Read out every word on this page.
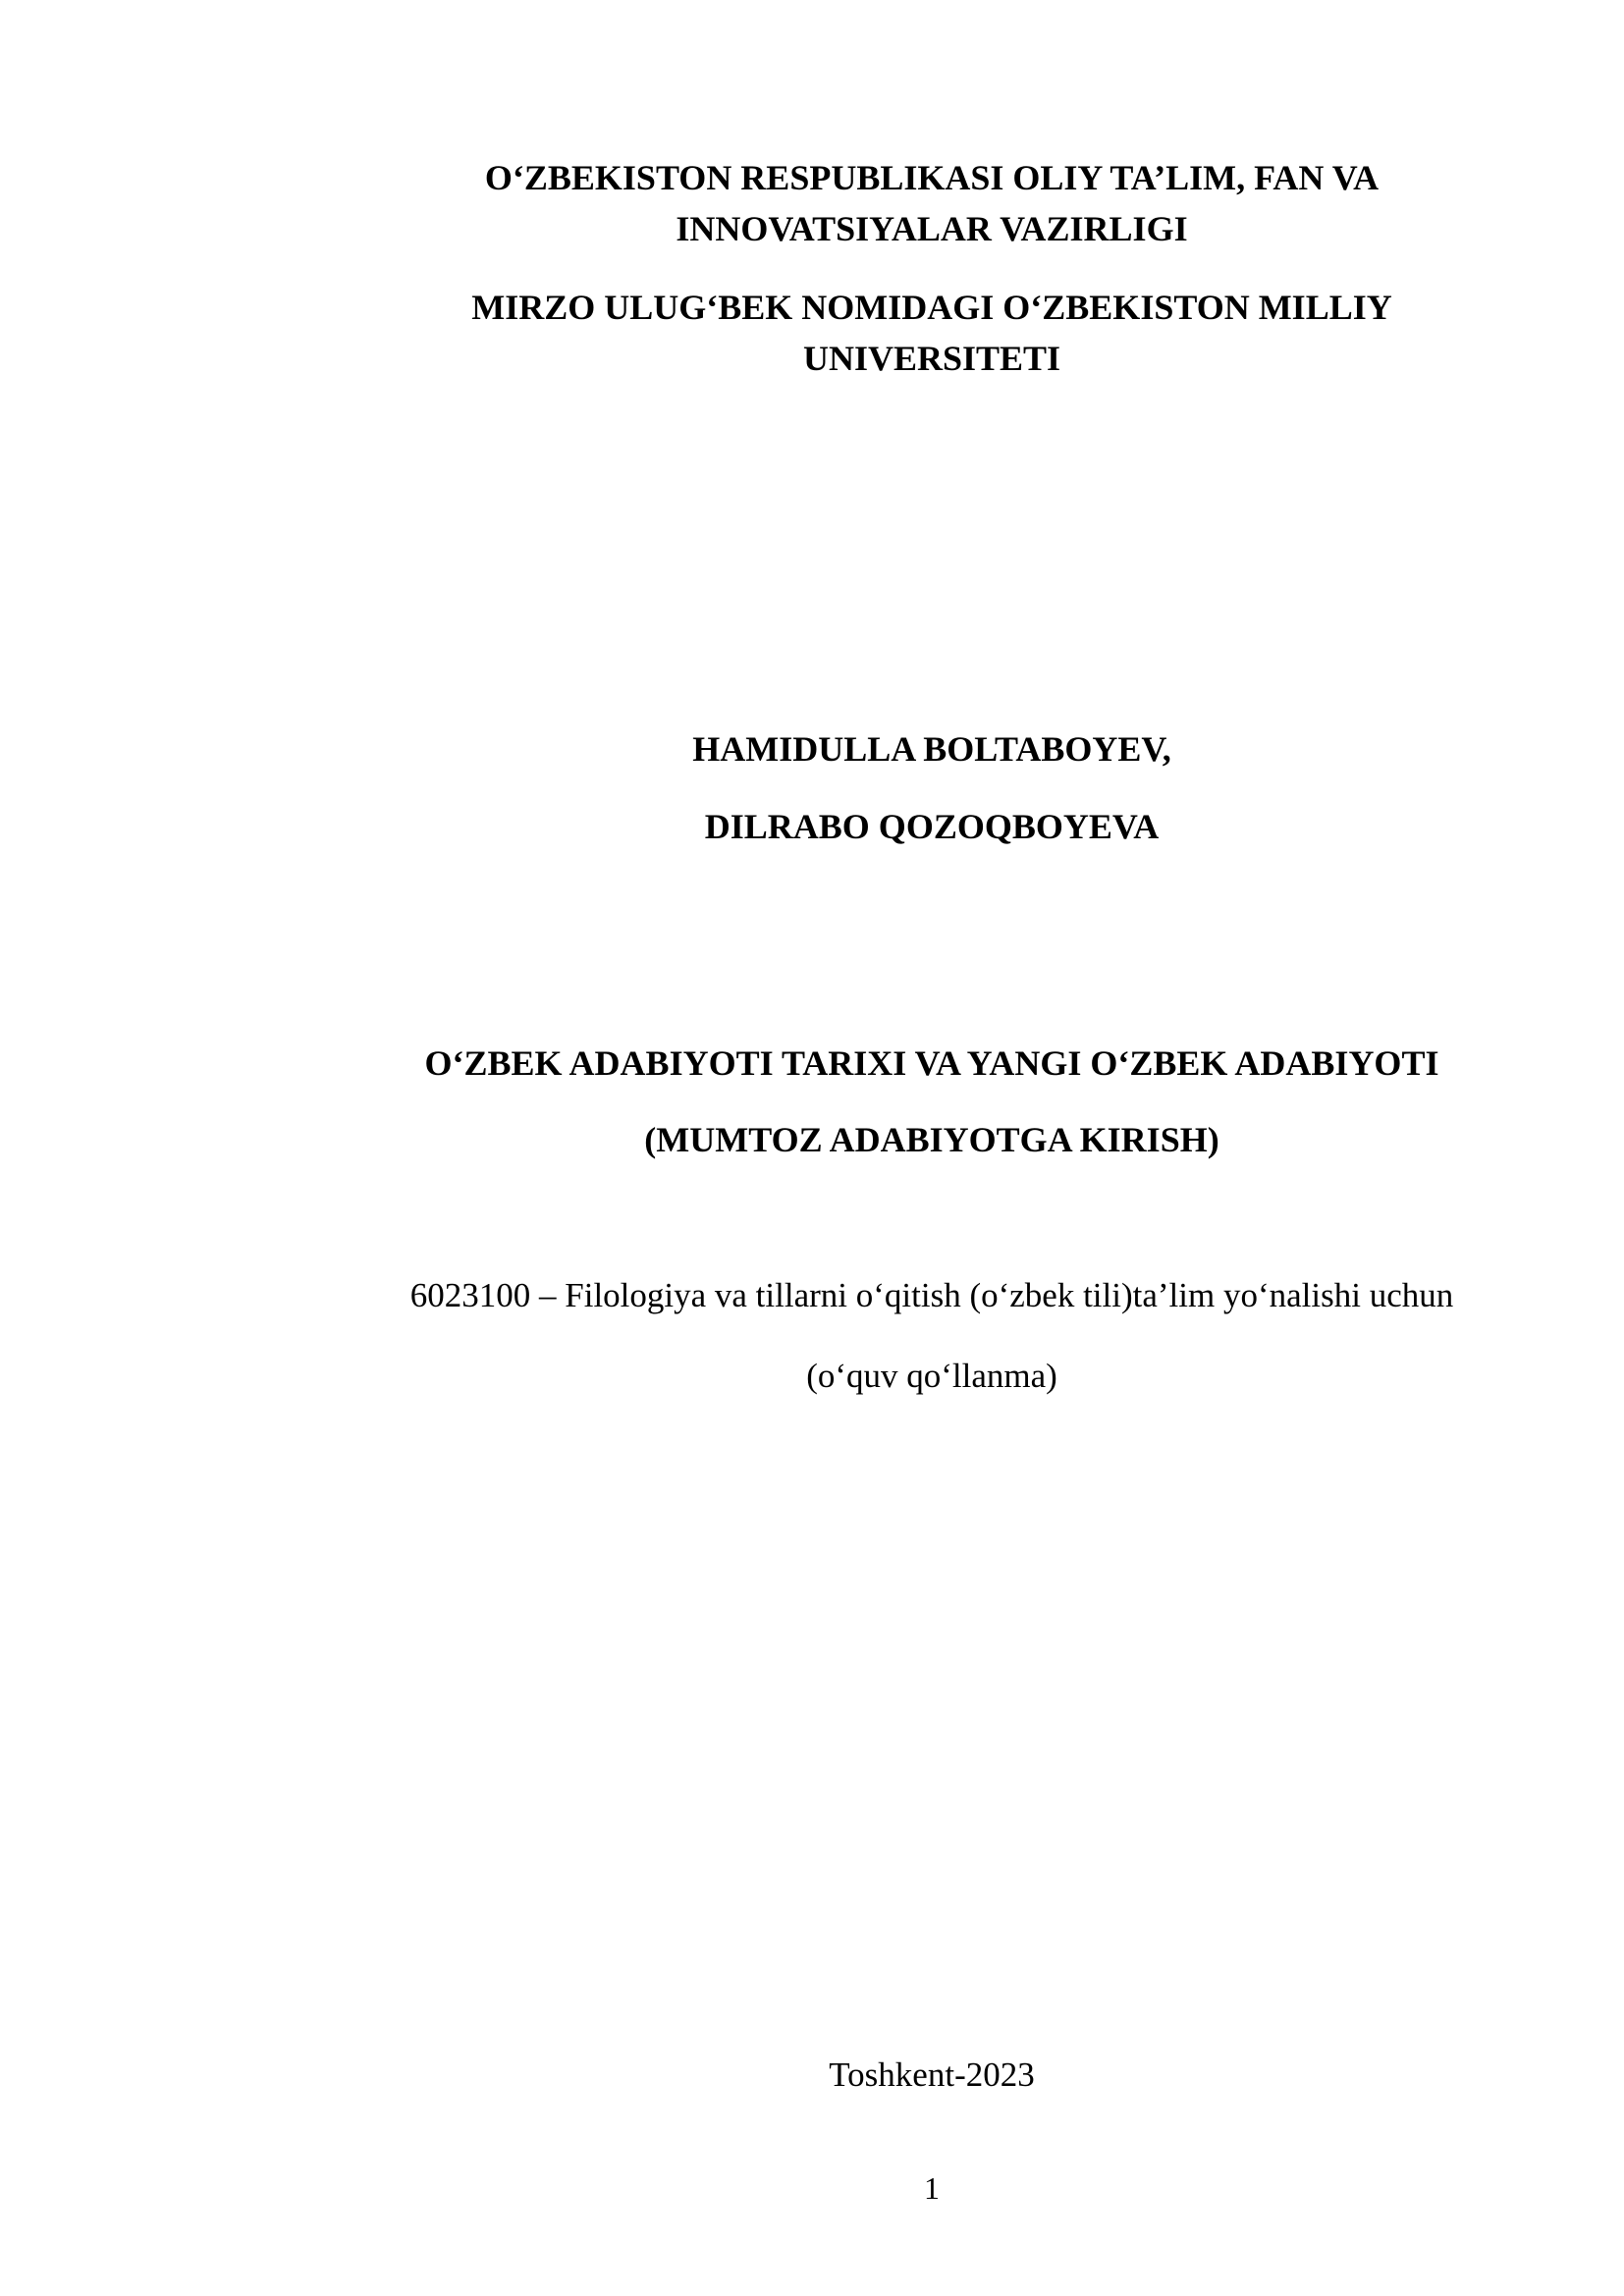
O‘ZBEKISTON RESPUBLIKASI OLIY TA’LIM, FAN VA
INNOVATSIYALAR VAZIRLIGI
MIRZO ULUG‘BEK NOMIDAGI O‘ZBEKISTON MILLIY
UNIVERSITETI
HAMIDULLA BOLTABOYEV,
DILRABO QOZOQBOYEVA
O‘ZBEK ADABIYOTI TARIXI VA YANGI O‘ZBEK ADABIYOTI
(MUMTOZ ADABIYOTGA KIRISH)
6023100 – Filologiya va tillarni o‘qitish (o‘zbek tili)ta’lim yo‘nalishi uchun
(o‘quv qo‘llanma)
Toshkent-2023
1
